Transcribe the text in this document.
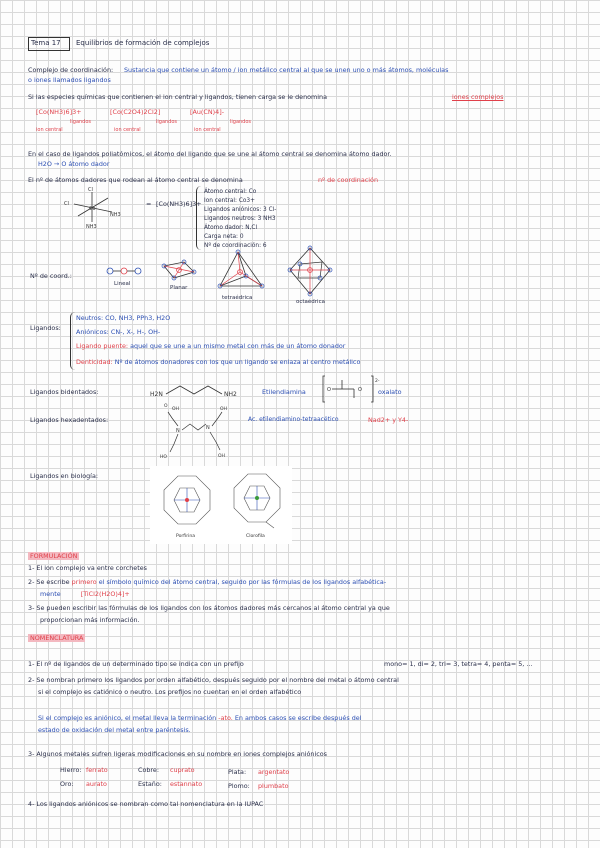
Tema 17 Equilibrios de formación de complejos
Complejo de coordinación: Sustancia que contiene un átomo / ion metálico central al que se unen uno o más átomos, moléculas
o iones llamados ligandos
Si las especies químicas que contienen el ion central y ligandos, tienen carga se le denomina	iones complejos
[Co(NH3)6]3+	[Co(C2O4)2Cl2]	[Au(CN)4]-
ion central
ligandos
ion central
ligandos
ion central
ligandos
En el caso de ligandos poliatómicos, el átomo del ligando que se une al átomo central se denomina átomo dador.
H2O → O átomo dador
El nº de átomos dadores que rodean al átomo central se denomina	nº de coordinación
Cl
Cl
NH3
Co
NH3
= [Co(NH3)6]3+
Átomo central: Co
Ion central: Co3+
Ligandos aniónicos: 3 Cl-
Ligandos neutros: 3 NH3
Átomo dador: N,Cl
Carga neta: 0
Nº de coordinación: 6
Nº de coord.:
Lineal
Planar
tetraédrica
octaédrica
Ligandos:
Neutros: CO, NH3, PPh3, H2O
Aniónicos: CN-, X-, H-, OH-
Ligando puente: aquel que se une a un mismo metal con más de un átomo donador
Denticidad: Nº de átomos donadores con los que un ligando se enlaza al centro metálico
Ligandos bidentados:	H2N	NH2	Etilendiamina	O	O
2-
oxalato
Ligandos hexadentados:
O
OH
N	N
OH
HO	OH
Ac. etilendiamino-tetraacético	Nad2+ y Y4-
Ligandos en biología:
Porfirina	Clorofila
FORMULACIÓN
1- El ion complejo va entre corchetes
2- Se escribe primero el símbolo químico del átomo central, seguido por las fórmulas de los ligandos alfabética-
mente	[TiCl2(H2O)4]+
3- Se pueden escribir las fórmulas de los ligandos con los átomos dadores más cercanos al átomo central ya que
proporcionan más información.
NOMENCLATURA
1- El nº de ligandos de un determinado tipo se indica con un prefijo	mono= 1, di= 2, tri= 3, tetra= 4, penta= 5, ...
2- Se nombran primero los ligandos por orden alfabético, después seguido por el nombre del metal o átomo central
si el complejo es catiónico o neutro. Los prefijos no cuentan en el orden alfabético
Si el complejo es aniónico, el metal lleva la terminación -ato. En ambos casos se escribe después del
estado de oxidación del metal entre paréntesis.
3- Algunos metales sufren ligeras modificaciones en su nombre en iones complejos aniónicos
Hierro: ferrato	Cobre: cuprato	Plata: argentato
Oro: aurato	Estaño: estannato	Plomo: plumbato
4- Los ligandos aniónicos se nombran como tal nomenclatura en la IUPAC
